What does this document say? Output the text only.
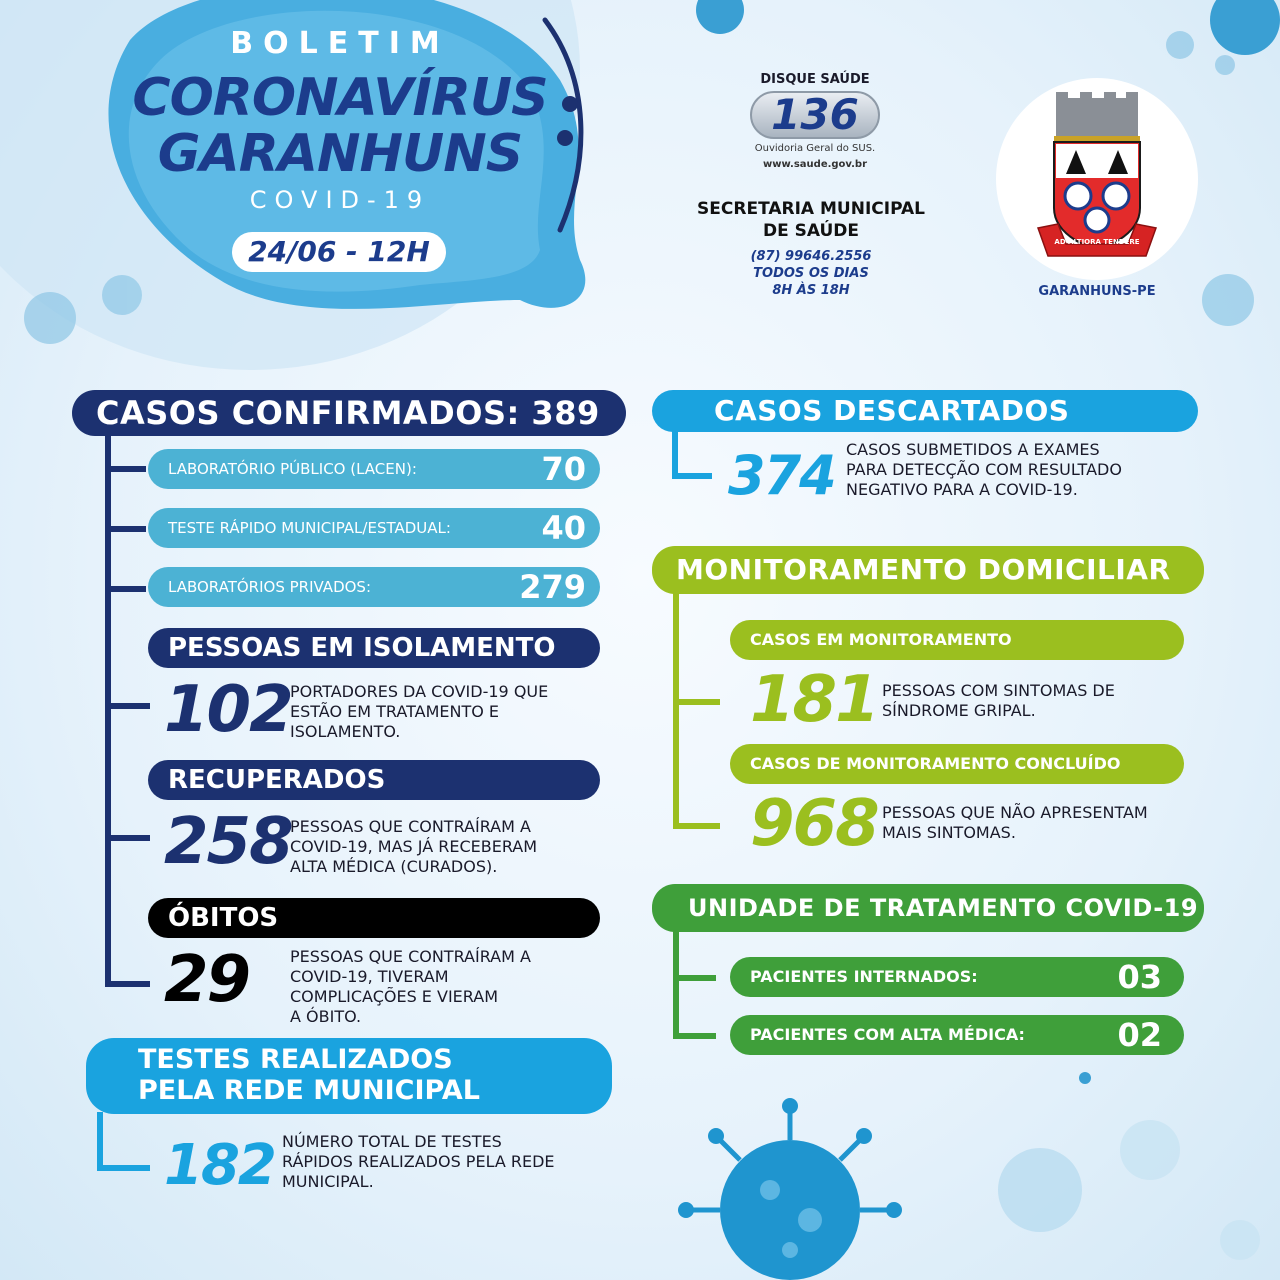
BOLETIM
CORONAVÍRUS
GARANHUNS
COVID-19
24/06 - 12H
DISQUE SAÚDE
136
Ouvidoria Geral do SUS.
www.saude.gov.br
SECRETARIA MUNICIPAL
DE SAÚDE
(87) 99646.2556
TODOS OS DIAS
8H ÀS 18H
AD ALTIORA TENDERE
GARANHUNS-PE
CASOS CONFIRMADOS: 389
LABORATÓRIO PÚBLICO (LACEN):	70
TESTE RÁPIDO MUNICIPAL/ESTADUAL:	40
LABORATÓRIOS PRIVADOS:	279
PESSOAS EM ISOLAMENTO
102
PORTADORES DA COVID-19 QUE
ESTÃO EM TRATAMENTO E
ISOLAMENTO.
RECUPERADOS
258
PESSOAS QUE CONTRAÍRAM A
COVID-19, MAS JÁ RECEBERAM
ALTA MÉDICA (CURADOS).
ÓBITOS
29	PESSOAS QUE CONTRAÍRAM A
COVID-19, TIVERAM
COMPLICAÇÕES E VIERAM
A ÓBITO.
TESTES REALIZADOS
PELA REDE MUNICIPAL
182 NÚMERO TOTAL DE TESTES
RÁPIDOS REALIZADOS PELA REDE
MUNICIPAL.
CASOS DESCARTADOS
374 CASOS SUBMETIDOS A EXAMES
PARA DETECÇÃO COM RESULTADO
NEGATIVO PARA A COVID-19.
MONITORAMENTO DOMICILIAR
CASOS EM MONITORAMENTO
181 PESSOAS COM SINTOMAS DE
SÍNDROME GRIPAL.
CASOS DE MONITORAMENTO CONCLUÍDO
968 PESSOAS QUE NÃO APRESENTAM
MAIS SINTOMAS.
UNIDADE DE TRATAMENTO COVID-19
PACIENTES INTERNADOS:	03
PACIENTES COM ALTA MÉDICA:	02
